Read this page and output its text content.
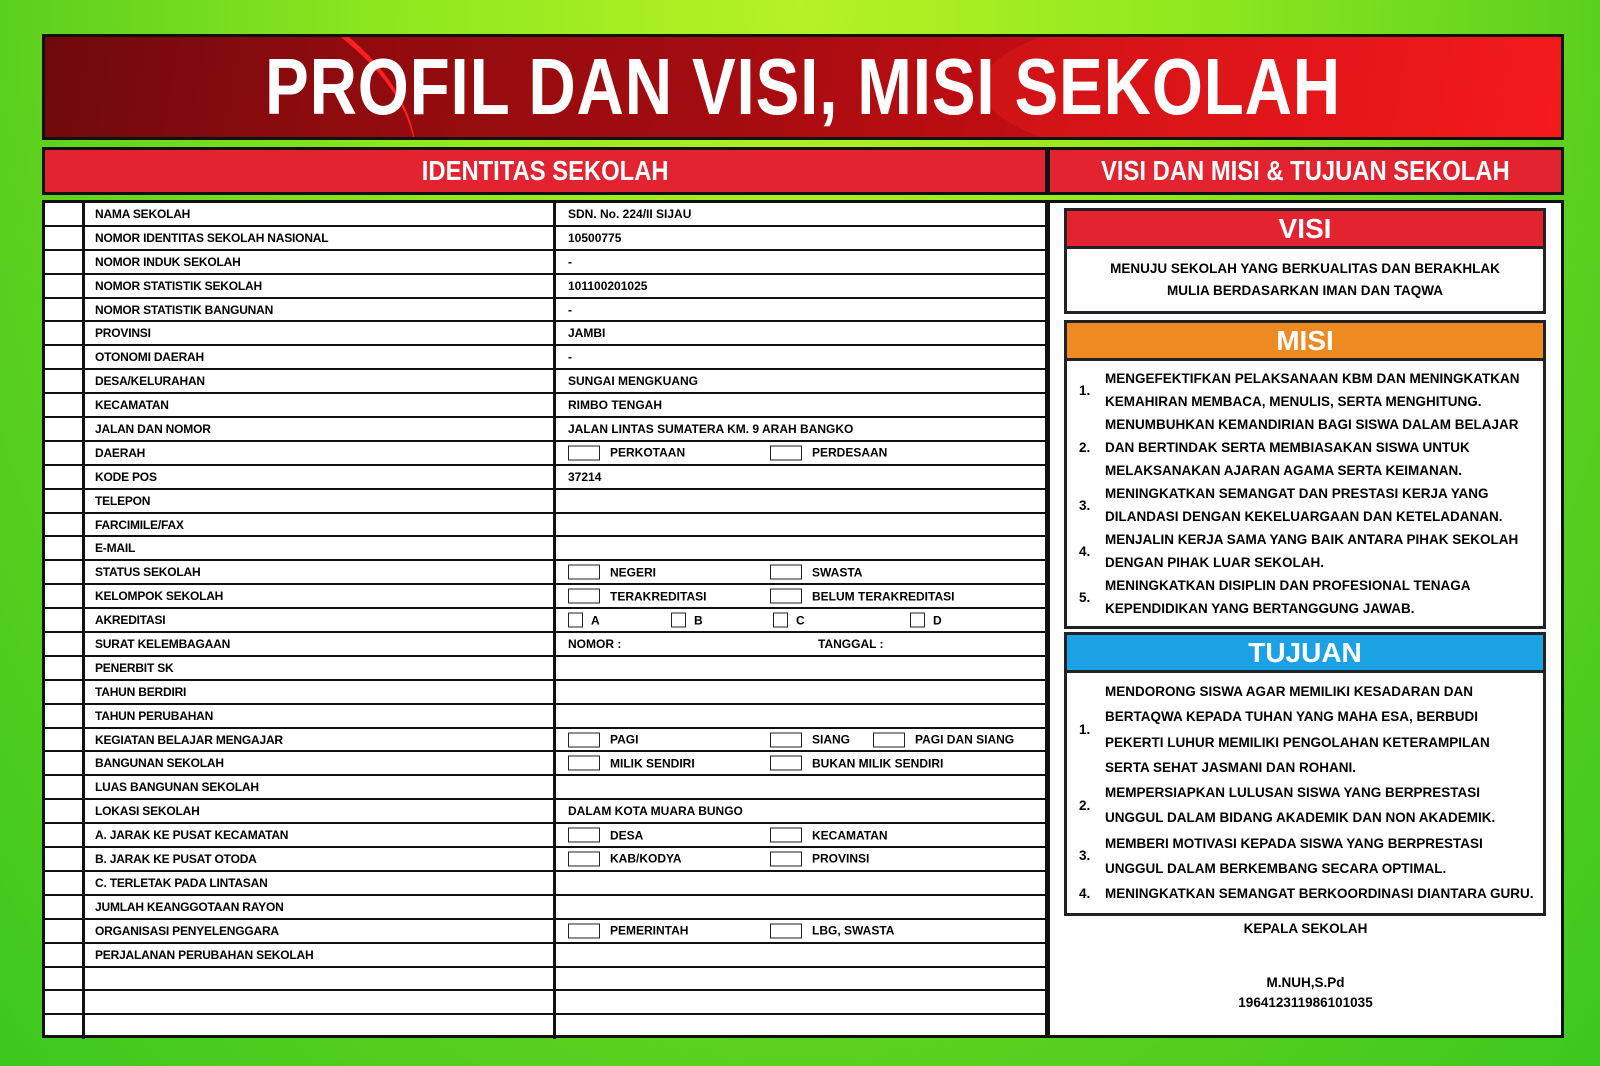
PROFIL DAN VISI, MISI SEKOLAH
IDENTITAS SEKOLAH	VISI DAN MISI & TUJUAN SEKOLAH
NAMA SEKOLAH	SDN. No. 224/II SIJAU
NOMOR IDENTITAS SEKOLAH NASIONAL	10500775
NOMOR INDUK SEKOLAH	-
NOMOR STATISTIK SEKOLAH	101100201025
NOMOR STATISTIK BANGUNAN	-
PROVINSI	JAMBI
OTONOMI DAERAH	-
DESA/KELURAHAN	SUNGAI MENGKUANG
KECAMATAN	RIMBO TENGAH
JALAN DAN NOMOR	JALAN LINTAS SUMATERA KM. 9 ARAH BANGKO
DAERAH	PERKOTAAN	PERDESAAN
KODE POS	37214
TELEPON
FARCIMILE/FAX
E-MAIL
STATUS SEKOLAH	NEGERI	SWASTA
KELOMPOK SEKOLAH	TERAKREDITASI	BELUM TERAKREDITASI
AKREDITASI	A	B	C	D
SURAT KELEMBAGAAN	NOMOR :	TANGGAL :
PENERBIT SK
TAHUN BERDIRI
TAHUN PERUBAHAN
KEGIATAN BELAJAR MENGAJAR	PAGI	SIANG	PAGI DAN SIANG
BANGUNAN SEKOLAH	MILIK SENDIRI	BUKAN MILIK SENDIRI
LUAS BANGUNAN SEKOLAH
LOKASI SEKOLAH	DALAM KOTA MUARA BUNGO
A. JARAK KE PUSAT KECAMATAN	DESA	KECAMATAN
B. JARAK KE PUSAT OTODA	KAB/KODYA	PROVINSI
C. TERLETAK PADA LINTASAN
JUMLAH KEANGGOTAAN RAYON
ORGANISASI PENYELENGGARA	PEMERINTAH	LBG, SWASTA
PERJALANAN PERUBAHAN SEKOLAH
VISI
MENUJU SEKOLAH YANG BERKUALITAS DAN BERAKHLAK
MULIA BERDASARKAN IMAN DAN TAQWA
MISI
1.
MENGEFEKTIFKAN PELAKSANAAN KBM DAN MENINGKATKAN KEMAHIRAN MEMBACA, MENULIS, SERTA MENGHITUNG.
2.
MENUMBUHKAN KEMANDIRIAN BAGI SISWA DALAM BELAJAR DAN BERTINDAK SERTA MEMBIASAKAN SISWA UNTUK MELAKSANAKAN AJARAN AGAMA SERTA KEIMANAN.
3.
MENINGKATKAN SEMANGAT DAN PRESTASI KERJA YANG DILANDASI DENGAN KEKELUARGAAN DAN KETELADANAN.
4.
MENJALIN KERJA SAMA YANG BAIK ANTARA PIHAK SEKOLAH DENGAN PIHAK LUAR SEKOLAH.
5.
MENINGKATKAN DISIPLIN DAN PROFESIONAL TENAGA KEPENDIDIKAN YANG BERTANGGUNG JAWAB.
TUJUAN
1.
MENDORONG SISWA AGAR MEMILIKI KESADARAN DAN BERTAQWA KEPADA TUHAN YANG MAHA ESA, BERBUDI PEKERTI LUHUR MEMILIKI PENGOLAHAN KETERAMPILAN SERTA SEHAT JASMANI DAN ROHANI.
2.
MEMPERSIAPKAN LULUSAN SISWA YANG BERPRESTASI UNGGUL DALAM BIDANG AKADEMIK DAN NON AKADEMIK.
3.
MEMBERI MOTIVASI KEPADA SISWA YANG BERPRESTASI UNGGUL DALAM BERKEMBANG SECARA OPTIMAL.
4.	MENINGKATKAN SEMANGAT BERKOORDINASI DIANTARA GURU.
KEPALA SEKOLAH
M.NUH,S.Pd
196412311986101035
